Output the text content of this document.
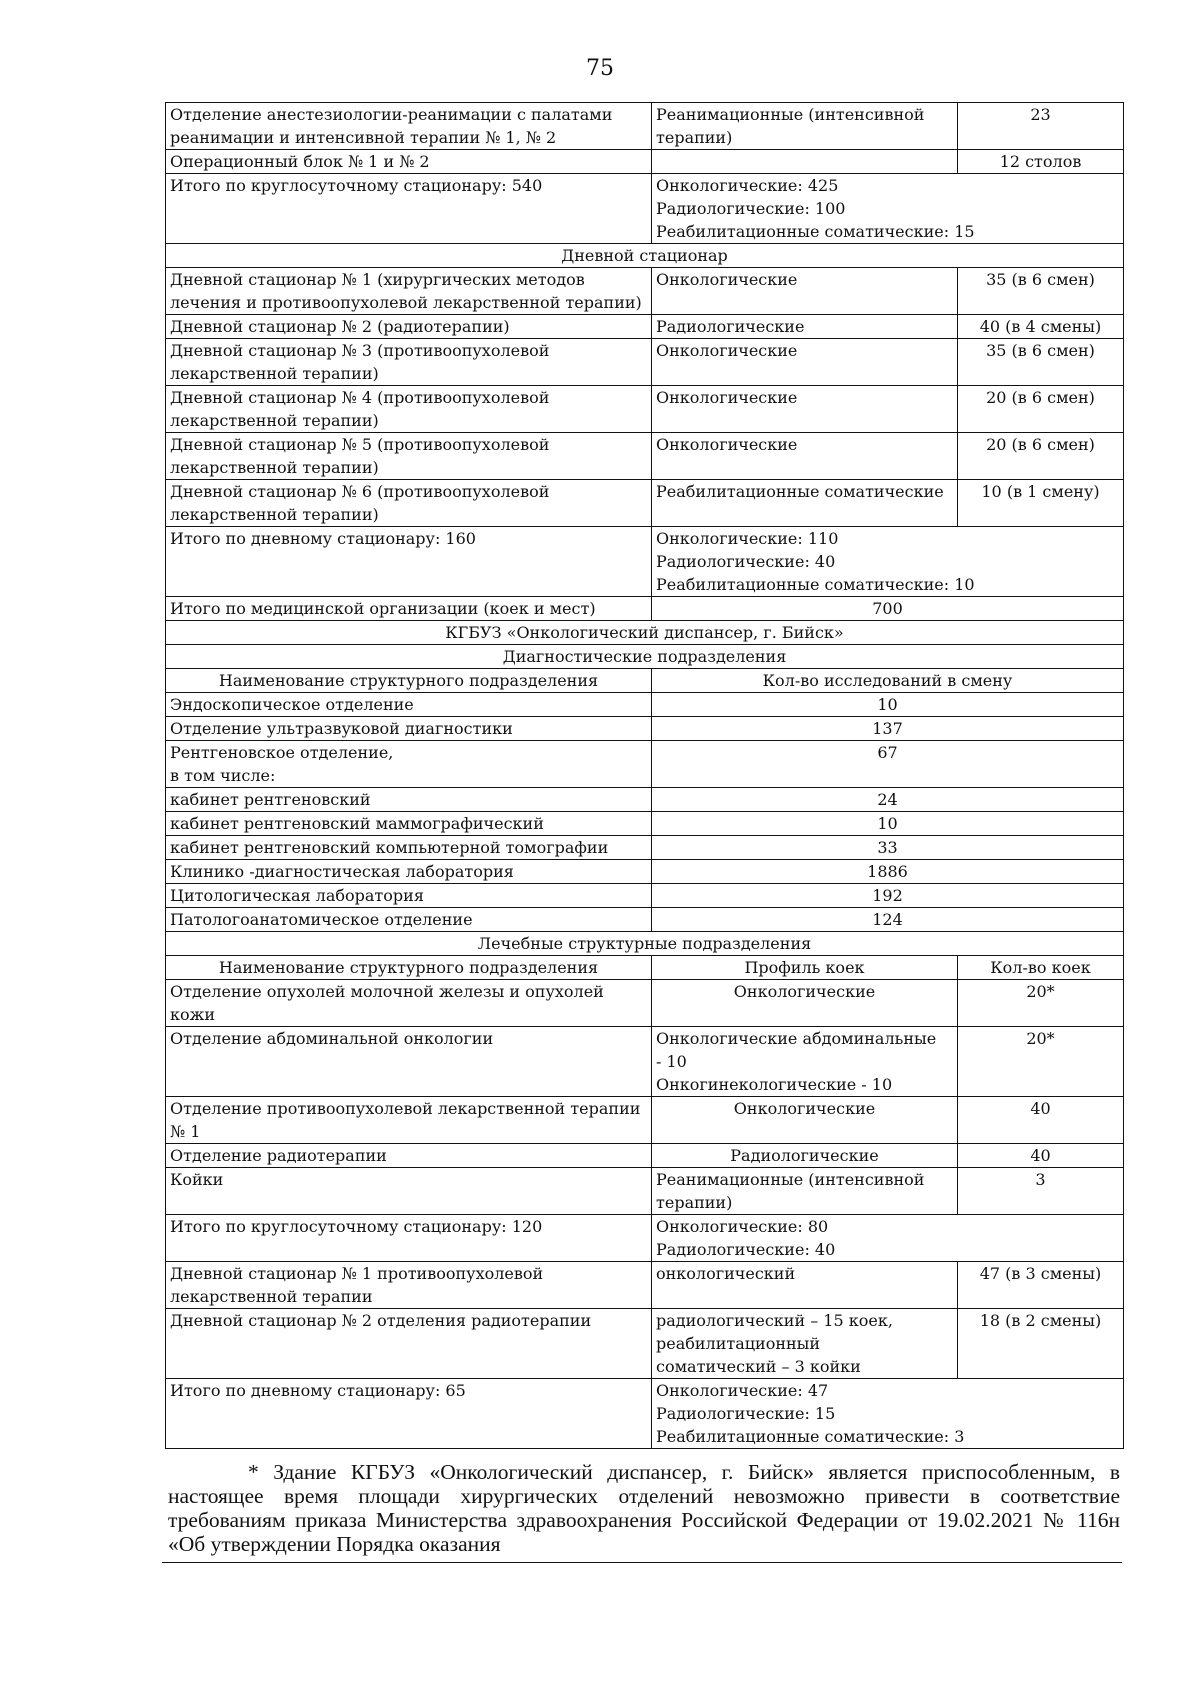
75
Отделение анестезиологии-реанимации с палатами
реанимации и интенсивной терапии № 1, № 2	Реанимационные (интенсивной
терапии)	23
Операционный блок № 1 и № 2		12 столов
Итого по круглосуточному стационару: 540	Онкологические: 425
Радиологические: 100
Реабилитационные соматические: 15	
Дневной стационар		
Дневной стационар № 1 (хирургических методов
лечения и противоопухолевой лекарственной терапии)	Онкологические	35 (в 6 смен)
Дневной стационар № 2 (радиотерапии)	Радиологические	40 (в 4 смены)
Дневной стационар № 3 (противоопухолевой
лекарственной терапии)	Онкологические	35 (в 6 смен)
Дневной стационар № 4 (противоопухолевой
лекарственной терапии)	Онкологические	20 (в 6 смен)
Дневной стационар № 5 (противоопухолевой
лекарственной терапии)	Онкологические	20 (в 6 смен)
Дневной стационар № 6 (противоопухолевой
лекарственной терапии)	Реабилитационные соматические	10 (в 1 смену)
Итого по дневному стационару: 160	Онкологические: 110
Радиологические: 40
Реабилитационные соматические: 10	
Итого по медицинской организации (коек и мест)	700	
КГБУЗ «Онкологический диспансер, г. Бийск»		
Диагностические подразделения		
Наименование структурного подразделения	Кол-во исследований в смену	
Эндоскопическое отделение	10	
Отделение ультразвуковой диагностики	137	
Рентгеновское отделение,
в том числе:	67	
кабинет рентгеновский	24	
кабинет рентгеновский маммографический	10	
кабинет рентгеновский компьютерной томографии	33	
Клинико -диагностическая лаборатория	1886	
Цитологическая лаборатория	192	
Патологоанатомическое отделение	124	
Лечебные структурные подразделения		
Наименование структурного подразделения	Профиль коек	Кол-во коек
Отделение опухолей молочной железы и опухолей
кожи	Онкологические	20*
Отделение абдоминальной онкологии	Онкологические абдоминальные
- 10
Онкогинекологические - 10	20*
Отделение противоопухолевой лекарственной терапии
№ 1	Онкологические	40
Отделение радиотерапии	Радиологические	40
Койки	Реанимационные (интенсивной
терапии)	3
Итого по круглосуточному стационару: 120	Онкологические: 80
Радиологические: 40	
Дневной стационар № 1 противоопухолевой
лекарственной терапии	онкологический	47 (в 3 смены)
Дневной стационар № 2 отделения радиотерапии	радиологический – 15 коек,
реабилитационный
соматический – 3 койки	18 (в 2 смены)
Итого по дневному стационару: 65	Онкологические: 47
Радиологические: 15
Реабилитационные соматические: 3	

* Здание КГБУЗ «Онкологический диспансер, г. Бийск» является приспособленным, в настоящее время площади хирургических отделений невозможно привести в соответствие требованиям приказа Министерства здравоохранения Российской Федерации от 19.02.2021 № 116н «Об утверждении Порядка оказания
